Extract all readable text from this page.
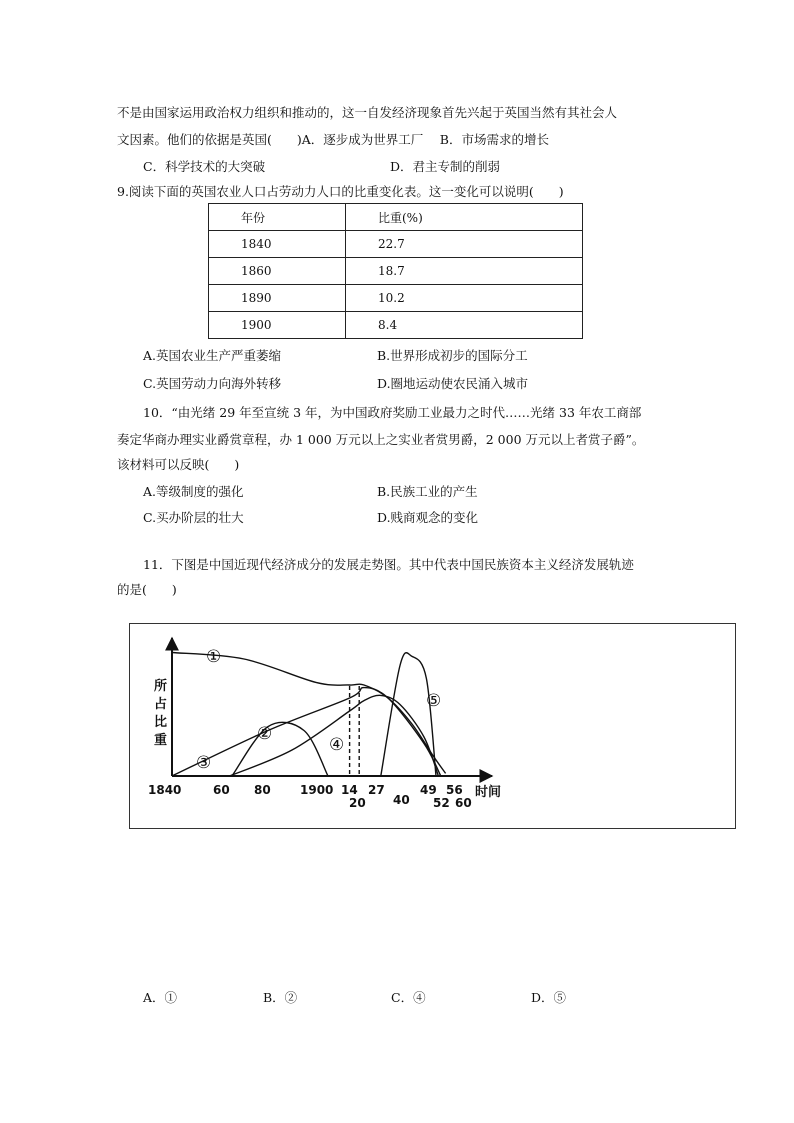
不是由国家运用政治权力组织和推动的，这一自发经济现象首先兴起于英国当然有其社会人
文因素。他们的依据是英国(　　)A．逐步成为世界工厂　 B．市场需求的增长
C．科学技术的大突破	D．君主专制的削弱
9.阅读下面的英国农业人口占劳动力人口的比重变化表。这一变化可以说明(　　)
年份	比重(%)
1840	22.7
1860	18.7
1890	10.2
1900	8.4
A.英国农业生产严重萎缩	B.世界形成初步的国际分工
C.英国劳动力向海外转移	D.圈地运动使农民涌入城市
10．“由光绪 29 年至宣统 3 年，为中国政府奖励工业最力之时代……光绪 33 年农工商部
奏定华商办理实业爵赏章程，办 1 000 万元以上之实业者赏男爵，2 000 万元以上者赏子爵”。
该材料可以反映(　　)
A.等级制度的强化	B.民族工业的产生
C.买办阶层的壮大	D.贱商观念的变化
11．下图是中国近现代经济成分的发展走势图。其中代表中国民族资本主义经济发展轨迹
的是(　　)
所
占
比
重
时间
①
②
③
④
⑤
1840	60 80 1900 14
20
27
40
49
52
56
60
A．①	B．②	C．④	D．⑤
